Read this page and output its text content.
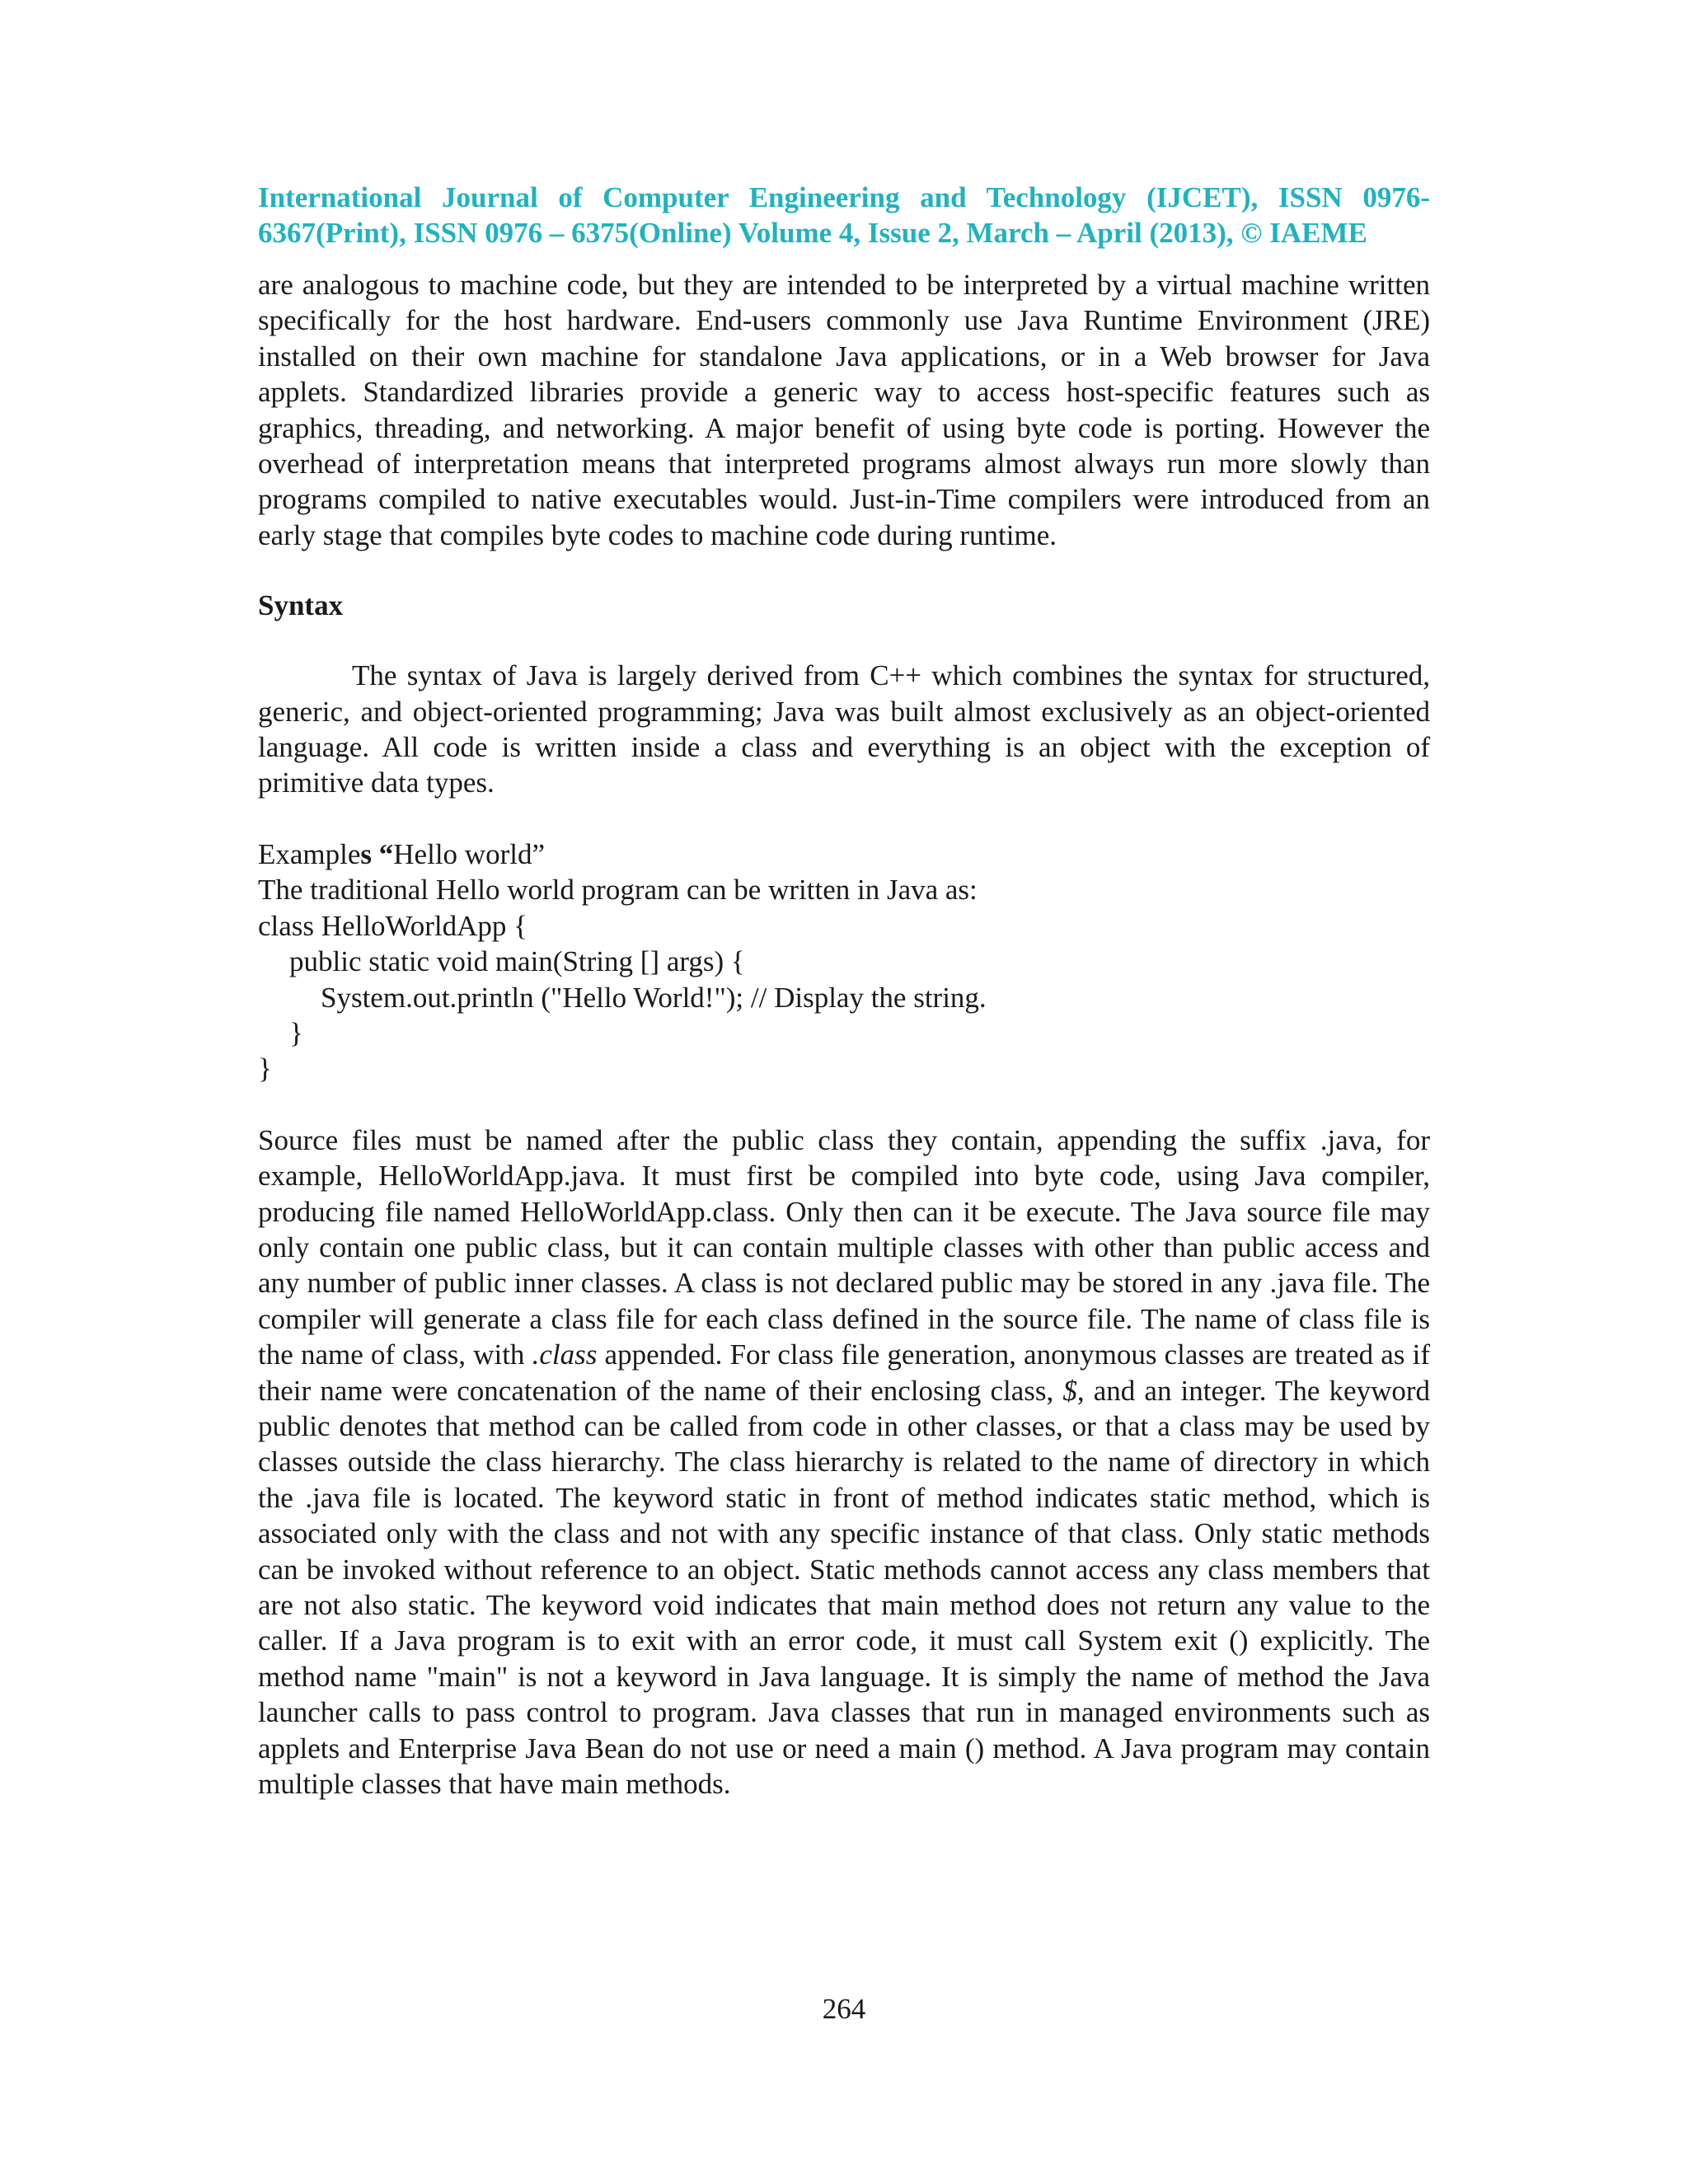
International Journal of Computer Engineering and Technology (IJCET), ISSN 0976-
6367(Print), ISSN 0976 – 6375(Online) Volume 4, Issue 2, March – April (2013), © IAEME

are analogous to machine code, but they are intended to be interpreted by a virtual machine written specifically for the host hardware. End-users commonly use Java Runtime Environment (JRE) installed on their own machine for standalone Java applications, or in a Web browser for Java applets. Standardized libraries provide a generic way to access host-specific features such as graphics, threading, and networking. A major benefit of using byte code is porting. However the overhead of interpretation means that interpreted programs almost always run more slowly than programs compiled to native executables would. Just-in-Time compilers were introduced from an early stage that compiles byte codes to machine code during runtime.

Syntax

The syntax of Java is largely derived from C++ which combines the syntax for structured, generic, and object-oriented programming; Java was built almost exclusively as an object-oriented language. All code is written inside a class and everything is an object with the exception of primitive data types.

Examples “Hello world”

The traditional Hello world program can be written in Java as:

class HelloWorldApp {
public static void main(String [] args) {
System.out.println ("Hello World!"); // Display the string.
}
}

Source files must be named after the public class they contain, appending the suffix .java, for example, HelloWorldApp.java. It must first be compiled into byte code, using Java compiler, producing file named HelloWorldApp.class. Only then can it be execute. The Java source file may only contain one public class, but it can contain multiple classes with other than public access and any number of public inner classes. A class is not declared public may be stored in any .java file. The compiler will generate a class file for each class defined in the source file. The name of class file is the name of class, with .class appended. For class file generation, anonymous classes are treated as if their name were concatenation of the name of their enclosing class, $, and an integer. The keyword public denotes that method can be called from code in other classes, or that a class may be used by classes outside the class hierarchy. The class hierarchy is related to the name of directory in which the .java file is located. The keyword static in front of method indicates static method, which is associated only with the class and not with any specific instance of that class. Only static methods can be invoked without reference to an object. Static methods cannot access any class members that are not also static. The keyword void indicates that main method does not return any value to the caller. If a Java program is to exit with an error code, it must call System exit () explicitly. The method name "main" is not a keyword in Java language. It is simply the name of method the Java launcher calls to pass control to program. Java classes that run in managed environments such as applets and Enterprise Java Bean do not use or need a main () method. A Java program may contain multiple classes that have main methods.

264
